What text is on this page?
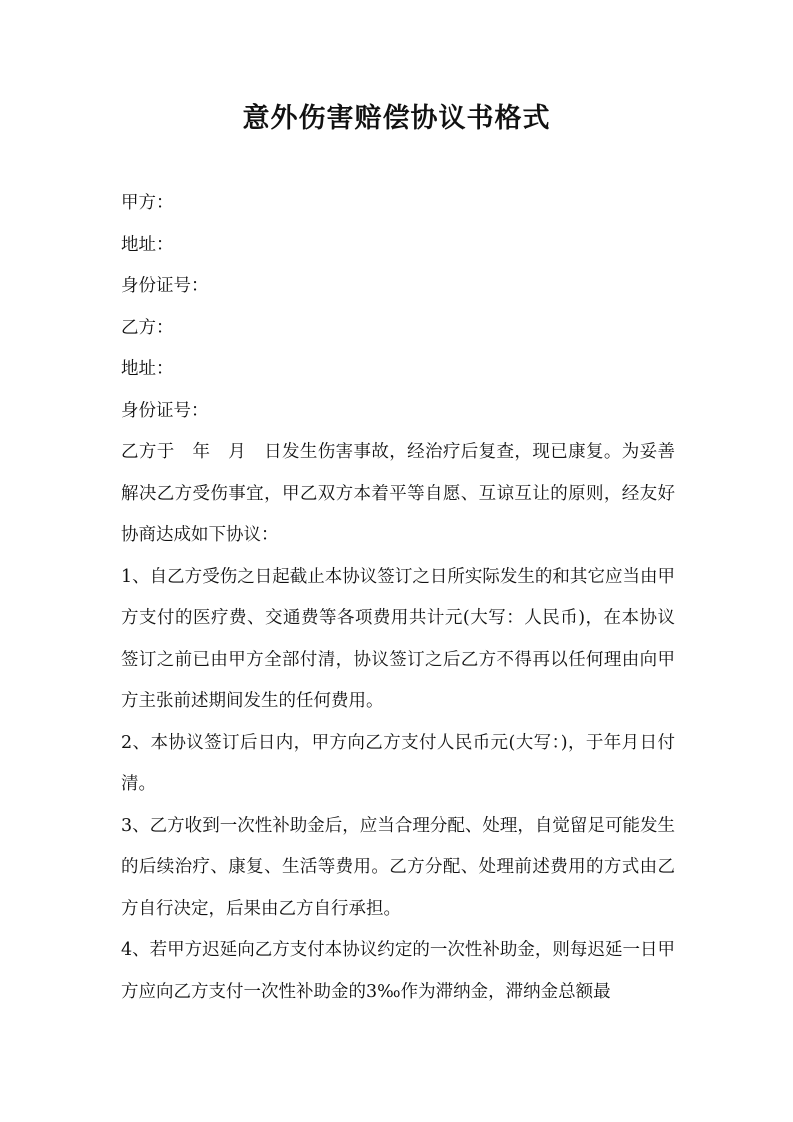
意外伤害赔偿协议书格式
甲方：
地址：
身份证号：
乙方：
地址：
身份证号：

乙方于　年　月　日发生伤害事故，经治疗后复查，现已康复。为妥善解决乙方受伤事宜，甲乙双方本着平等自愿、互谅互让的原则，经友好协商达成如下协议：

1、自乙方受伤之日起截止本协议签订之日所实际发生的和其它应当由甲方支付的医疗费、交通费等各项费用共计元(大写：人民币)，在本协议签订之前已由甲方全部付清，协议签订之后乙方不得再以任何理由向甲方主张前述期间发生的任何费用。

2、本协议签订后日内，甲方向乙方支付人民币元(大写：)，于年月日付清。

3、乙方收到一次性补助金后，应当合理分配、处理，自觉留足可能发生的后续治疗、康复、生活等费用。乙方分配、处理前述费用的方式由乙方自行决定，后果由乙方自行承担。

4、若甲方迟延向乙方支付本协议约定的一次性补助金，则每迟延一日甲方应向乙方支付一次性补助金的3‰作为滞纳金，滞纳金总额最
